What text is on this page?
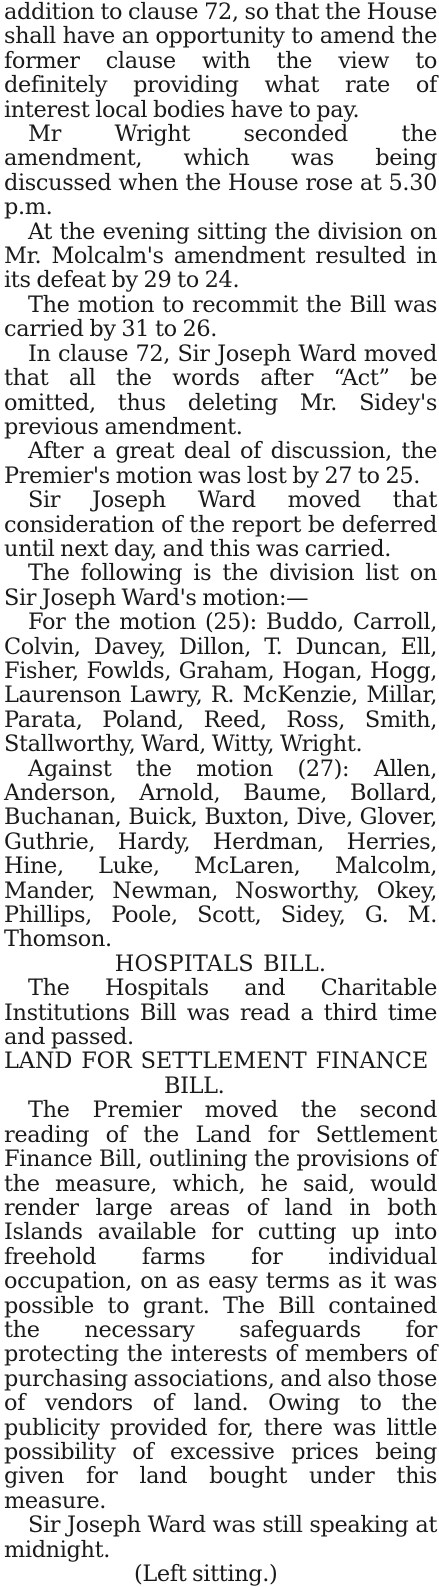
addition to clause 72, so that the House shall have an opportunity to amend the former clause with the view to definitely providing what rate of interest local bodies have to pay.

Mr Wright seconded the amendment, which was being discussed when the House rose at 5.30 p.m.

At the evening sitting the division on Mr. Molcalm's amendment resulted in its defeat by 29 to 24.

The motion to recommit the Bill was carried by 31 to 26.

In clause 72, Sir Joseph Ward moved that all the words after “Act” be omitted, thus deleting Mr. Sidey's previous amendment.

After a great deal of discussion, the Premier's motion was lost by 27 to 25.

Sir Joseph Ward moved that consideration of the report be deferred until next day, and this was carried.

The following is the division list on Sir Joseph Ward's motion:—

For the motion (25): Buddo, Carroll, Colvin, Davey, Dillon, T. Duncan, Ell, Fisher, Fowlds, Graham, Hogan, Hogg, Laurenson Lawry, R. McKenzie, Millar, Parata, Poland, Reed, Ross, Smith, Stallworthy, Ward, Witty, Wright.

Against the motion (27): Allen, Anderson, Arnold, Baume, Bollard, Buchanan, Buick, Buxton, Dive, Glover, Guthrie, Hardy, Herdman, Herries, Hine, Luke, McLaren, Malcolm, Mander, Newman, Nosworthy, Okey, Phillips, Poole, Scott, Sidey, G. M. Thomson.

HOSPITALS BILL.

The Hospitals and Charitable Institutions Bill was read a third time and passed.

LAND FOR SETTLEMENT FINANCE

BILL.

The Premier moved the second reading of the Land for Settlement Finance Bill, outlining the provisions of the measure, which, he said, would render large areas of land in both Islands available for cutting up into freehold farms for individual occupation, on as easy terms as it was possible to grant. The Bill contained the necessary safeguards for protecting the interests of members of purchasing associations, and also those of vendors of land. Owing to the publicity provided for, there was little possibility of excessive prices being given for land bought under this measure.

Sir Joseph Ward was still speaking at midnight.

(Left sitting.)
